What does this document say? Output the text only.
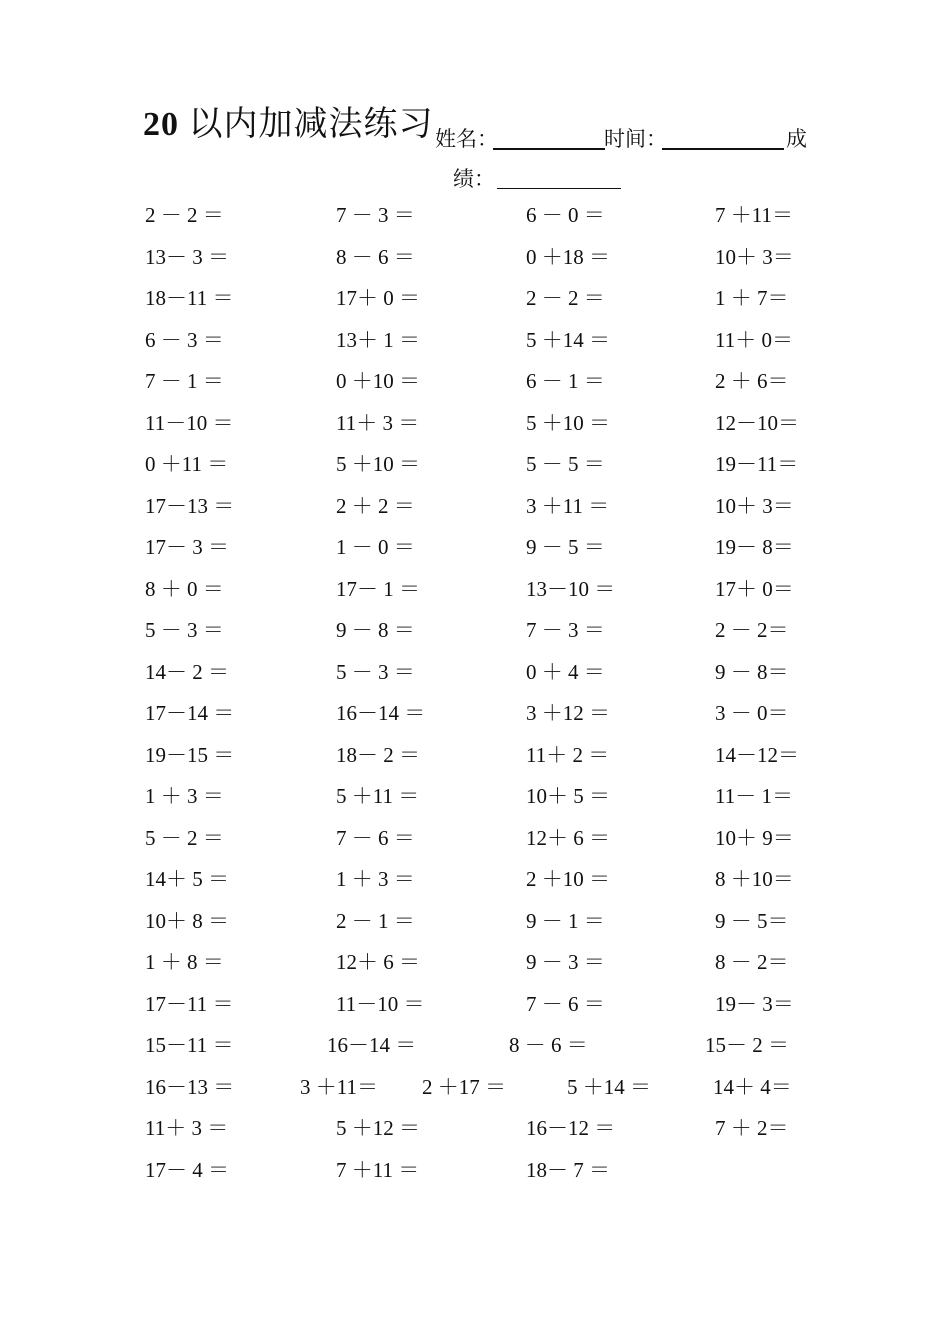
20 以内加减法练习 姓名：	时间：	成
绩：
2 － 2 ＝	7 － 3 ＝	6 － 0 ＝	7 ＋11＝
13－ 3 ＝	8 － 6 ＝	0 ＋18 ＝	10＋ 3＝
18－11 ＝	17＋ 0 ＝	2 － 2 ＝	1 ＋ 7＝
6 － 3 ＝	13＋ 1 ＝	5 ＋14 ＝	11＋ 0＝
7 － 1 ＝	0 ＋10 ＝	6 － 1 ＝	2 ＋ 6＝
11－10 ＝	11＋ 3 ＝	5 ＋10 ＝	12－10＝
0 ＋11 ＝	5 ＋10 ＝	5 － 5 ＝	19－11＝
17－13 ＝	2 ＋ 2 ＝	3 ＋11 ＝	10＋ 3＝
17－ 3 ＝	1 － 0 ＝	9 － 5 ＝	19－ 8＝
8 ＋ 0 ＝	17－ 1 ＝	13－10 ＝	17＋ 0＝
5 － 3 ＝	9 － 8 ＝	7 － 3 ＝	2 － 2＝
14－ 2 ＝	5 － 3 ＝	0 ＋ 4 ＝	9 － 8＝
17－14 ＝	16－14 ＝	3 ＋12 ＝	3 － 0＝
19－15 ＝	18－ 2 ＝	11＋ 2 ＝	14－12＝
1 ＋ 3 ＝	5 ＋11 ＝	10＋ 5 ＝	11－ 1＝
5 － 2 ＝	7 － 6 ＝	12＋ 6 ＝	10＋ 9＝
14＋ 5 ＝	1 ＋ 3 ＝	2 ＋10 ＝	8 ＋10＝
10＋ 8 ＝	2 － 1 ＝	9 － 1 ＝	9 － 5＝
1 ＋ 8 ＝	12＋ 6 ＝	9 － 3 ＝	8 － 2＝
17－11 ＝	11－10 ＝	7 － 6 ＝	19－ 3＝
15－11 ＝	16－14 ＝	8 － 6 ＝	15－ 2 ＝
16－13 ＝	3 ＋11＝ 2 ＋17 ＝	5 ＋14 ＝	14＋ 4＝
11＋ 3 ＝	5 ＋12 ＝	16－12 ＝	7 ＋ 2＝
17－ 4 ＝	7 ＋11 ＝	18－ 7 ＝
